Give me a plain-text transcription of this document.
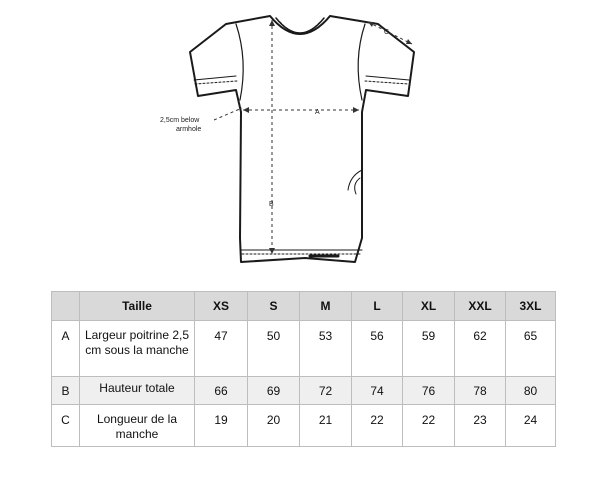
A
B
C
2,5cm below
armhole
	Taille	XS	S	M	L	XL	XXL	3XL
A	Largeur poitrine 2,5 cm sous la manche	47	50	53	56	59	62	65
B	Hauteur totale	66	69	72	74	76	78	80
C	Longueur de la manche	19	20	21	22	22	23	24
